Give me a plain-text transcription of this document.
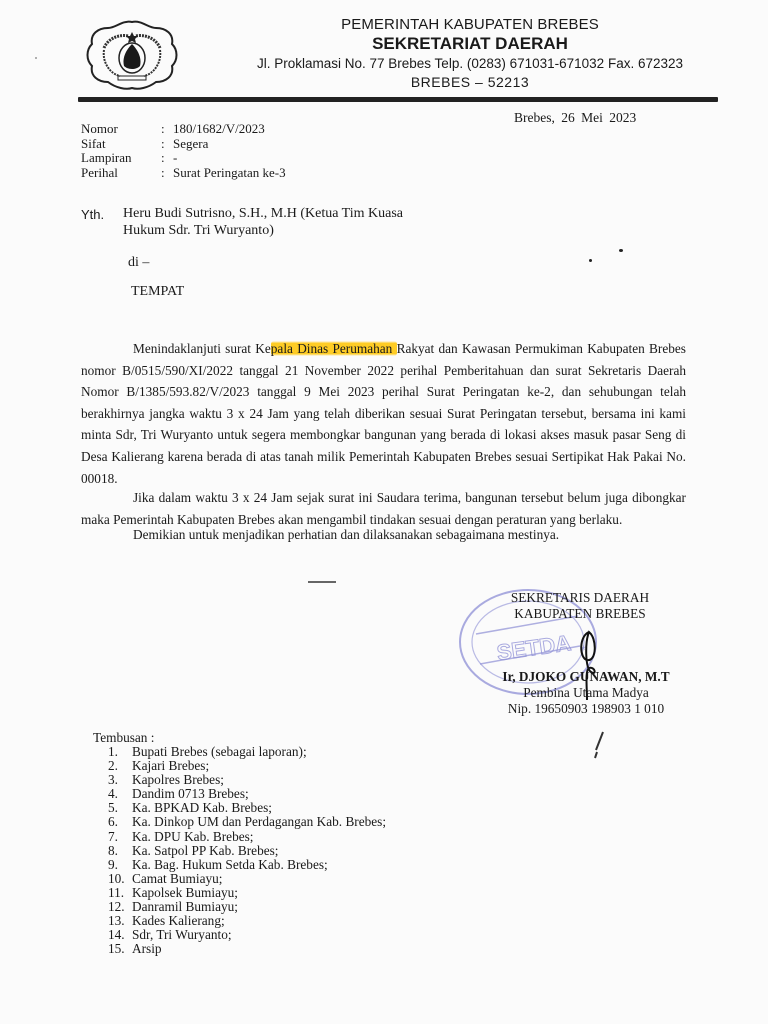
PEMERINTAH KABUPATEN BREBES
SEKRETARIAT DAERAH
Jl. Proklamasi No. 77 Brebes Telp. (0283) 671031-671032 Fax. 672323
BREBES – 52213
Brebes, 26 Mei 2023
Nomor	: 180/1682/V/2023
Sifat	: Segera
Lampiran	: -
Perihal	: Surat Peringatan ke-3
Yth. Heru Budi Sutrisno, S.H., M.H (Ketua Tim Kuasa
Hukum Sdr. Tri Wuryanto)
di –
TEMPAT
Menindaklanjuti surat Kepala Dinas Perumahan Rakyat dan Kawasan Permukiman Kabupaten Brebes nomor B/0515/590/XI/2022 tanggal 21 November 2022 perihal Pemberitahuan dan surat Sekretaris Daerah Nomor B/1385/593.82/V/2023 tanggal 9 Mei 2023 perihal Surat Peringatan ke-2, dan sehubungan telah berakhirnya jangka waktu 3 x 24 Jam yang telah diberikan sesuai Surat Peringatan tersebut, bersama ini kami minta Sdr, Tri Wuryanto untuk segera membongkar bangunan yang berada di lokasi akses masuk pasar Seng di Desa Kalierang karena berada di atas tanah milik Pemerintah Kabupaten Brebes sesuai Sertipikat Hak Pakai No. 00018.
Jika dalam waktu 3 x 24 Jam sejak surat ini Saudara terima, bangunan tersebut belum juga dibongkar maka Pemerintah Kabupaten Brebes akan mengambil tindakan sesuai dengan peraturan yang berlaku.
Demikian untuk menjadikan perhatian dan dilaksanakan sebagaimana mestinya.
SETDA *
SEKRETARIS DAERAH
KABUPATEN BREBES
Ir, DJOKO GUNAWAN, M.T
Pembina Utama Madya
Nip. 19650903 198903 1 010
Tembusan :
1.	Bupati Brebes (sebagai laporan);
2.	Kajari Brebes;
3.	Kapolres Brebes;
4.	Dandim 0713 Brebes;
5.	Ka. BPKAD Kab. Brebes;
6.	Ka. Dinkop UM dan Perdagangan Kab. Brebes;
7.	Ka. DPU Kab. Brebes;
8.	Ka. Satpol PP Kab. Brebes;
9.	Ka. Bag. Hukum Setda Kab. Brebes;
10. Camat Bumiayu;
11. Kapolsek Bumiayu;
12. Danramil Bumiayu;
13. Kades Kalierang;
14. Sdr, Tri Wuryanto;
15. Arsip
